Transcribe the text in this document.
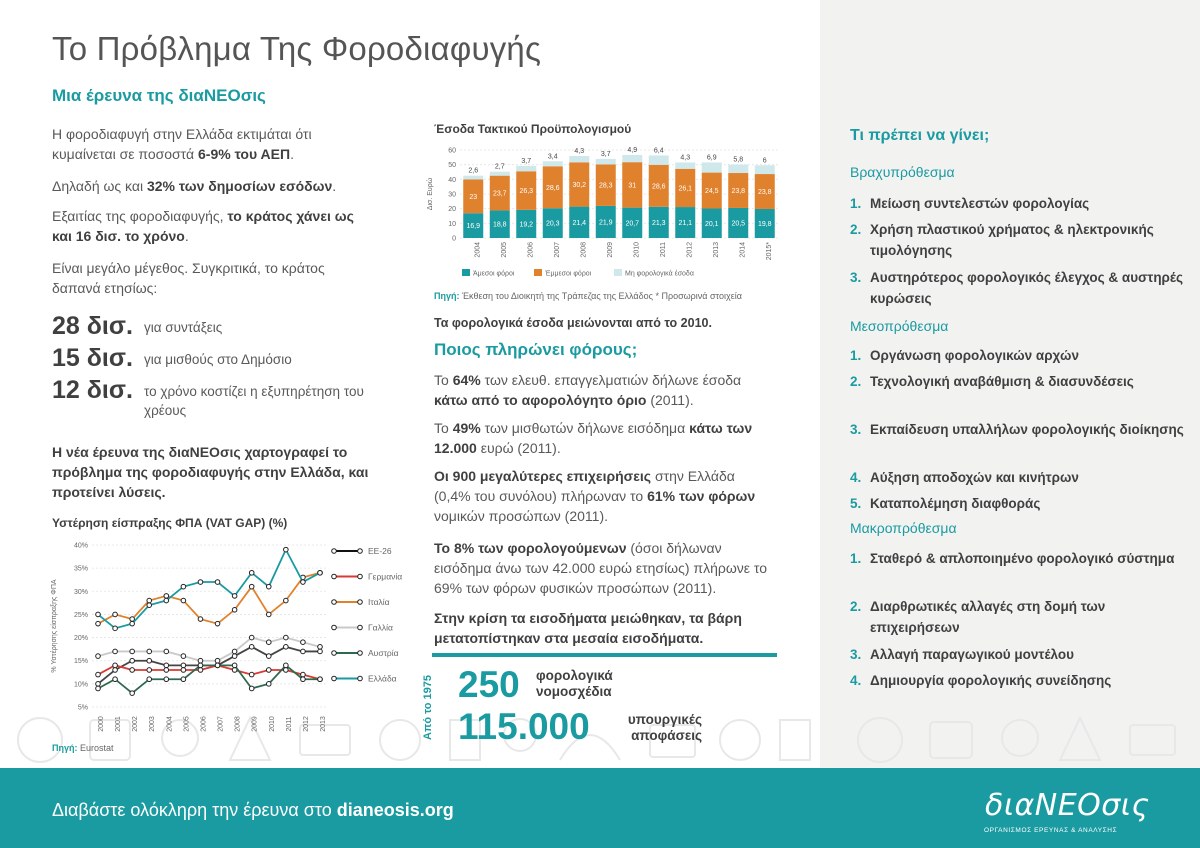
Το Πρόβλημα Της Φοροδιαφυγής
Μια έρευνα της διαΝΕΟσις
Η φοροδιαφυγή στην Ελλάδα εκτιμάται ότι κυμαίνεται σε ποσοστά 6-9% του ΑΕΠ.
Δηλαδή ως και 32% των δημοσίων εσόδων.
Εξαιτίας της φοροδιαφυγής, το κράτος χάνει ως και 16 δισ. το χρόνο.
Είναι μεγάλο μέγεθος. Συγκριτικά, το κράτος δαπανά ετησίως:
28 δισ. για συντάξεις
15 δισ. για μισθούς στο Δημόσιο
12 δισ. το χρόνο κοστίζει η εξυπηρέτηση του χρέους
Η νέα έρευνα της διαΝΕΟσις χαρτογραφεί το πρόβλημα της φοροδιαφυγής στην Ελλάδα, και προτείνει λύσεις.
Υστέρηση είσπραξης ΦΠΑ (VAT GAP) (%)
% Υστέρησης είσπραξης ΦΠΑ
5%
10%
15%
20%
25%
30%
35%
40%
2000 2001 2002 2003 2004 2005 2006 2007 2008 2009 2010 2011 2012 2013
ΕΕ-26
Γερμανία
Ιταλία
Γαλλία
Αυστρία
Ελλάδα
Πηγή: Eurostat
Έσοδα Τακτικού Προϋπολογισμού
Δισ. Ευρώ
0
10
20
30
40
50
60
16,9
23
2,6
2004
18,8
23,7
2,7
2005
19,2
26,3
3,7
2006
20,3
28,6
3,4
2007
21,4
30,2
4,3
2008
21,9
28,3
3,7
2009
20,7
31
4,9
2010
21,3
28,6
6,4
2011
21,1
26,1
4,3
2012
20,1
24,5
6,9
2013
20,5
23,8
5,8
2014
19,8
23,8
6
2015*
Άμεσοι φόροι	Έμμεσοι φόροι	Μη φορολογικά έσοδα
Πηγή: Έκθεση του Διοικητή της Τράπεζας της Ελλάδος * Προσωρινά στοιχεία
Τα φορολογικά έσοδα μειώνονται από το 2010.
Ποιος πληρώνει φόρους;
Το 64% των ελευθ. επαγγελματιών δήλωνε έσοδα κάτω από το αφορολόγητο όριο (2011).
Το 49% των μισθωτών δήλωνε εισόδημα κάτω των 12.000 ευρώ (2011).
Οι 900 μεγαλύτερες επιχειρήσεις στην Ελλάδα (0,4% του συνόλου) πλήρωναν το 61% των φόρων νομικών προσώπων (2011).
Το 8% των φορολογούμενων (όσοι δήλωναν εισόδημα άνω των 42.000 ευρώ ετησίως) πλήρωνε το 69% των φόρων φυσικών προσώπων (2011).
Στην κρίση τα εισοδήματα μειώθηκαν, τα βάρη μετατοπίστηκαν στα μεσαία εισοδήματα.
Από το 1975 250 φορολογικά νομοσχέδια
115.000	υπουργικές αποφάσεις
Τι πρέπει να γίνει;
Βραχυπρόθεσμα
1. Μείωση συντελεστών φορολογίας
2. Χρήση πλαστικού χρήματος & ηλεκτρονικής τιμολόγησης
3. Αυστηρότερος φορολογικός έλεγχος & αυστηρές κυρώσεις
Μεσοπρόθεσμα
1. Οργάνωση φορολογικών αρχών
2. Τεχνολογική αναβάθμιση & διασυνδέσεις
3. Εκπαίδευση υπαλλήλων φορολογικής διοίκησης
4. Αύξηση αποδοχών και κινήτρων
5. Καταπολέμηση διαφθοράς
Μακροπρόθεσμα
1. Σταθερό & απλοποιημένο φορολογικό σύστημα
2. Διαρθρωτικές αλλαγές στη δομή των επιχειρήσεων
3. Αλλαγή παραγωγικού μοντέλου
4. Δημιουργία φορολογικής συνείδησης
Διαβάστε ολόκληρη την έρευνα στο dianeosis.org	διαΝΕΟσις
ΟΡΓΑΝΙΣΜΟΣ ΕΡΕΥΝΑΣ & ΑΝΑΛΥΣΗΣ
